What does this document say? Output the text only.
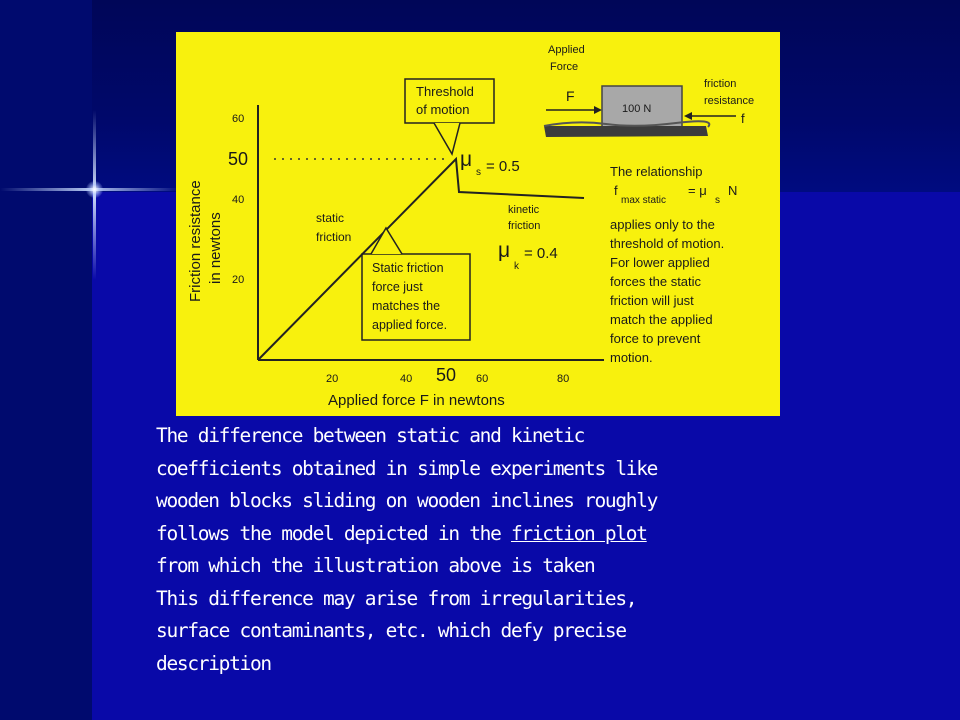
Friction resistance in newtons
60
50
40
20
20	40 50 60	80
Applied force F in newtons
Threshold
of motion
μ
s = 0.5
static
friction
kinetic
friction
μ
k
= 0.4
Static friction
force just
matches the
applied force.
Applied
Force
F
100 N
friction
resistance
f
The relationship
f
max static
= μ
s
N
applies only to the
threshold of motion.
For lower applied
forces the static
friction will just
match the applied
force to prevent
motion.

The difference between static and kinetic

coefficients obtained in simple experiments like

wooden blocks sliding on wooden inclines roughly

follows the model depicted in the friction plot

from which the illustration above is taken

This difference may arise from irregularities,

surface contaminants, etc. which defy precise

description
